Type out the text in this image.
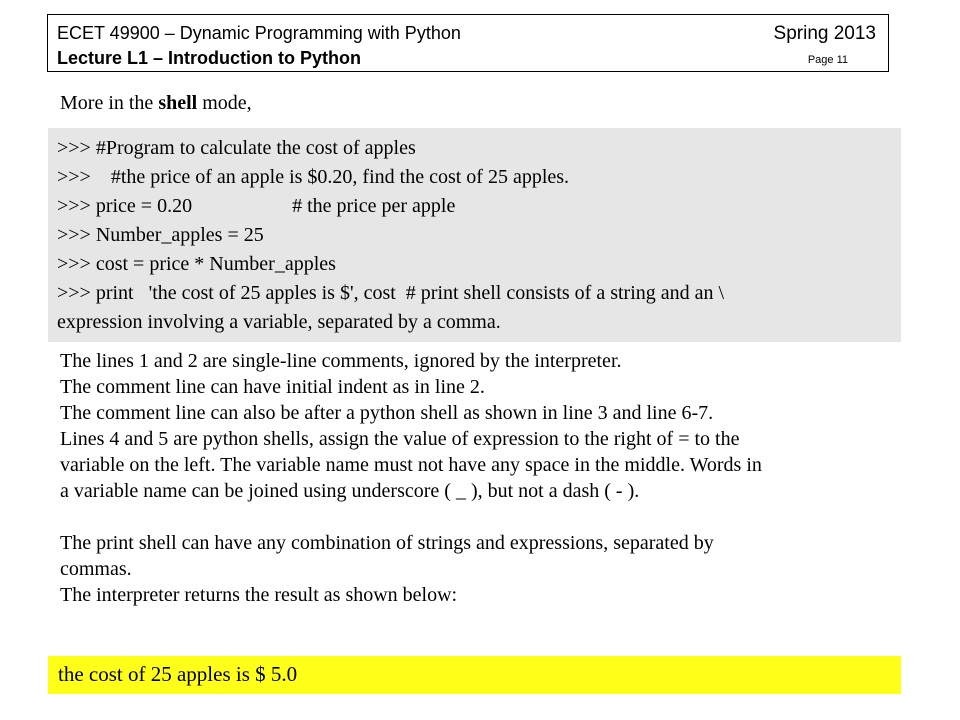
ECET 49900 – Dynamic Programming with Python	Spring 2013
Lecture L1 – Introduction to Python	Page 11
More in the shell mode,
>>> #Program to calculate the cost of apples
>>>    #the price of an apple is $0.20, find the cost of 25 apples.
>>> price = 0.20                    # the price per apple
>>> Number_apples = 25
>>> cost = price * Number_apples
>>> print   'the cost of 25 apples is $', cost  # print shell consists of a string and an \
expression involving a variable, separated by a comma.
The lines 1 and 2 are single-line comments, ignored by the interpreter.
The comment line can have initial indent as in line 2.
The comment line can also be after a python shell as shown in line 3 and line 6-7.
Lines 4 and 5 are python shells, assign the value of expression to the right of = to the
variable on the left. The variable name must not have any space in the middle. Words in
a variable name can be joined using underscore ( _ ), but not a dash ( - ).
The print shell can have any combination of strings and expressions, separated by
commas.
The interpreter returns the result as shown below:
the cost of 25 apples is $ 5.0
